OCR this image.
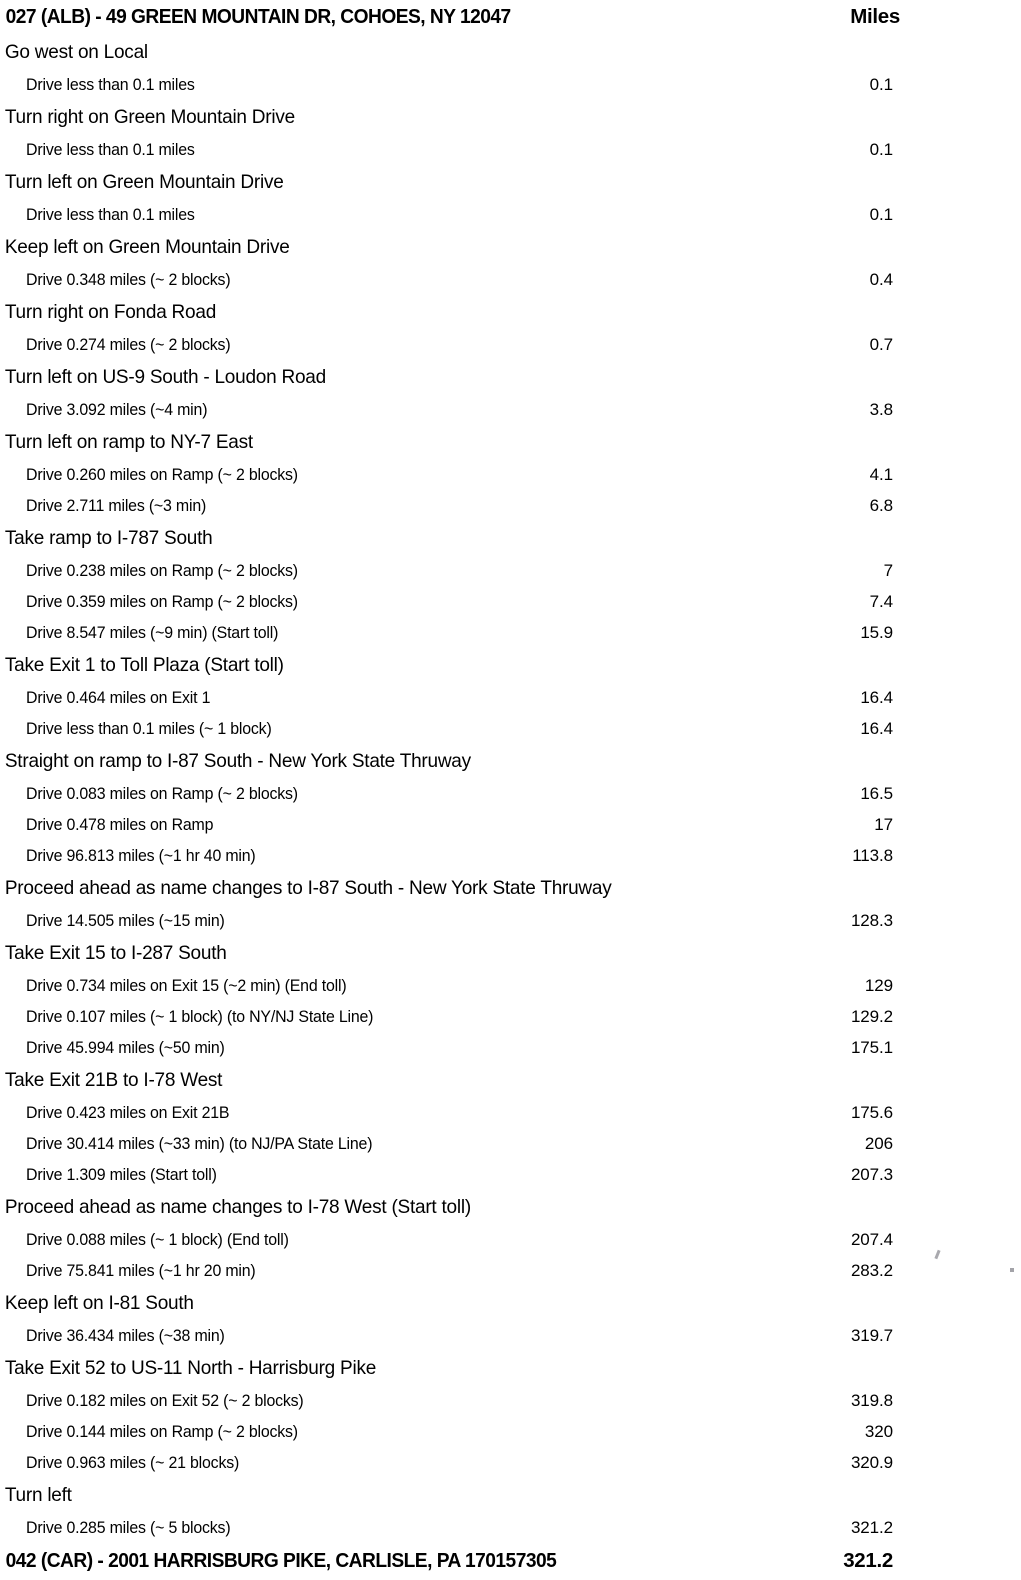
027 (ALB) - 49 GREEN MOUNTAIN DR, COHOES, NY 12047	Miles
Go west on Local
Drive less than 0.1 miles	0.1
Turn right on Green Mountain Drive
Drive less than 0.1 miles	0.1
Turn left on Green Mountain Drive
Drive less than 0.1 miles	0.1
Keep left on Green Mountain Drive
Drive 0.348 miles (~ 2 blocks)	0.4
Turn right on Fonda Road
Drive 0.274 miles (~ 2 blocks)	0.7
Turn left on US-9 South - Loudon Road
Drive 3.092 miles (~4 min)	3.8
Turn left on ramp to NY-7 East
Drive 0.260 miles on Ramp (~ 2 blocks)	4.1
Drive 2.711 miles (~3 min)	6.8
Take ramp to I-787 South
Drive 0.238 miles on Ramp (~ 2 blocks)	7
Drive 0.359 miles on Ramp (~ 2 blocks)	7.4
Drive 8.547 miles (~9 min) (Start toll)	15.9
Take Exit 1 to Toll Plaza (Start toll)
Drive 0.464 miles on Exit 1	16.4
Drive less than 0.1 miles (~ 1 block)	16.4
Straight on ramp to I-87 South - New York State Thruway
Drive 0.083 miles on Ramp (~ 2 blocks)	16.5
Drive 0.478 miles on Ramp	17
Drive 96.813 miles (~1 hr 40 min)	113.8
Proceed ahead as name changes to I-87 South - New York State Thruway
Drive 14.505 miles (~15 min)	128.3
Take Exit 15 to I-287 South
Drive 0.734 miles on Exit 15 (~2 min) (End toll)	129
Drive 0.107 miles (~ 1 block) (to NY/NJ State Line)	129.2
Drive 45.994 miles (~50 min)	175.1
Take Exit 21B to I-78 West
Drive 0.423 miles on Exit 21B	175.6
Drive 30.414 miles (~33 min) (to NJ/PA State Line)	206
Drive 1.309 miles (Start toll)	207.3
Proceed ahead as name changes to I-78 West (Start toll)
Drive 0.088 miles (~ 1 block) (End toll)	207.4
Drive 75.841 miles (~1 hr 20 min)	283.2
Keep left on I-81 South
Drive 36.434 miles (~38 min)	319.7
Take Exit 52 to US-11 North - Harrisburg Pike
Drive 0.182 miles on Exit 52 (~ 2 blocks)	319.8
Drive 0.144 miles on Ramp (~ 2 blocks)	320
Drive 0.963 miles (~ 21 blocks)	320.9
Turn left
Drive 0.285 miles (~ 5 blocks)	321.2
042 (CAR) - 2001 HARRISBURG PIKE, CARLISLE, PA 170157305	321.2
